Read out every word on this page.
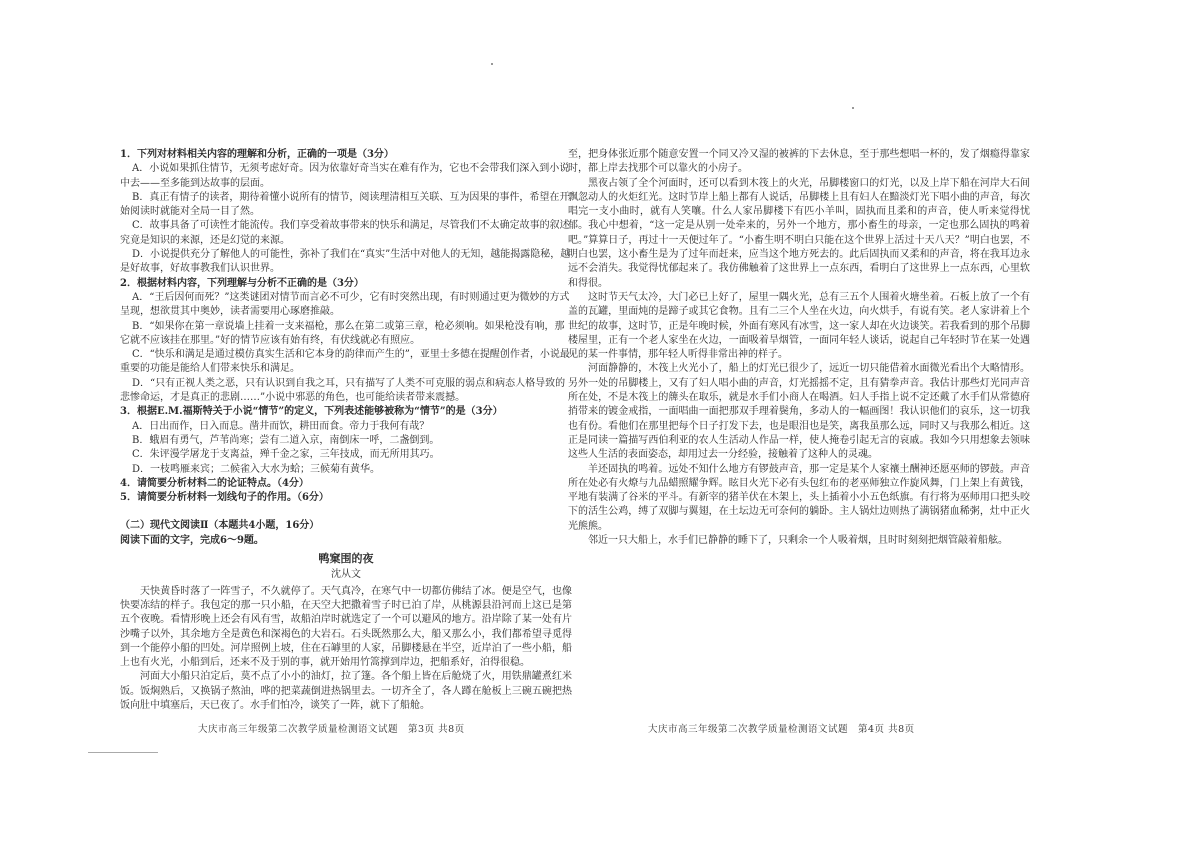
1．下列对材料相关内容的理解和分析，正确的一项是（3分）

A．小说如果抓住情节，无须考虑好奇。因为依靠好奇当实在难有作为，它也不会带我们深入到小说中去——至多能到达故事的层面。

B．真正有情子的读者，期待着懂小说所有的情节，阅读理清相互关联、互为因果的事件，希望在开始阅读时就能对全局一目了然。

C．故事具备了可读性才能流传。我们享受着故事带来的快乐和满足，尽管我们不太确定故事的叙述究竟是知识的来源，还是幻觉的来源。

D．小说提供充分了解他人的可能性，弥补了我们在“真实”生活中对他人的无知，越能揭露隐秘，越是好故事，好故事教我们认识世界。

2．根据材料内容，下列理解与分析不正确的是（3分）

A．“王后因何而死？”这类谜团对情节而言必不可少，它有时突然出现，有时则通过更为微妙的方式呈现，想欲贯其中奥妙，读者需要用心琢磨推敲。

B．“如果你在第一章说墙上挂着一支来福枪，那么在第二或第三章，枪必须响。如果枪没有响，那它就不应该挂在那里。”好的情节应该有始有终，有伏线就必有照应。

C．“快乐和满足是通过模仿真实生活和它本身的韵律而产生的”，亚里士多德在提醒创作者，小说最重要的功能是能给人们带来快乐和满足。

D．“只有正视人类之恶，只有认识到自我之耳，只有描写了人类不可克服的弱点和病态人格导致的悲惨命运，才是真正的悲剧……”小说中邪恶的角色，也可能给读者带来震撼。

3．根据E.M.福斯特关于小说“情节”的定义，下列表述能够被称为“情节”的是（3分）

A．日出而作，日入而息。凿井而饮，耕田而食。帝力于我何有哉？

B．蛾眉有勇气，芦苇尚寒；尝有二道入京，南倒床一呼，二盏倒到。

C．朱评漫学屠龙于支离益，殚千金之家，三年技成，而无所用其巧。

D．一枝鸣雁来宾；二候雀入大水为蛤；三候菊有黄华。

4．请简要分析材料二的论证特点。（4分）

5．请简要分析材料一划线句子的作用。（6分）

（二）现代文阅读Ⅱ（本题共4小题，16分）

阅读下面的文字，完成6～9题。

鸭窠围的夜

沈从文

天快黄昏时落了一阵雪子，不久就停了。天气真冷，在寒气中一切都仿佛结了冰。便是空气，也像快要冻结的样子。我包定的那一只小船，在天空大把撒着雪子时已泊了岸，从桃源县沿河而上这已是第五个夜晚。看情形晚上还会有风有雪，故船泊岸时就选定了一个可以避风的地方。沿岸除了某一处有片沙嘴子以外，其余地方全是黄色和深褐色的大岩石。石头既然那么大，船又那么小，我们都希望寻觅得到一个能停小船的凹处。河岸照例上坡，住在石罅里的人家，吊脚楼悬在半空，近岸泊了一些小船，船上也有火光，小船到后，还来不及于别的事，就开始用竹篙撑到岸边，把船系好，泊得很稳。

河面大小船只泊定后，莫不点了小小的油灯，拉了篷。各个船上皆在后舱烧了火，用铁鼎罐煮红米饭。饭焖熟后，又换锅子熬油，哗的把菜蔬倒进热锅里去。一切齐全了，各人蹲在舱板上三碗五碗把热饭向肚中填塞后，天已夜了。水手们怕冷，谈笑了一阵，就下了船舱。

至，把身体张近那个随意安置一个同又冷又湿的被裤的下去休息，至于那些想唱一杯的，发了烟瘾得靠家时，都上岸去找那个可以靠火的小房子。

黑夜占领了全个河面时，还可以看到木筏上的火光，吊脚楼窗口的灯光，以及上岸下船在河岸大石间飘忽动人的火炬红光。这时节岸上船上都有人说话，吊脚楼上且有妇人在黯淡灯光下唱小曲的声音，每次唱完一支小曲时，就有人笑嚷。什么人家吊脚楼下有匹小羊叫，固执而且柔和的声音，使人听来觉得忧郁。我心中想着，“这一定是从别一处牵来的，另外一个地方，那小畜生的母亲，一定也那么固执的鸣着吧。”算算日子，再过十一天便过年了。“小畜生明不明白只能在这个世界上活过十天八天？”明白也罢，不明白也罢，这小畜生是为了过年而赶来，应当这个地方死去的。此后固执而又柔和的声音，将在我耳边永远不会消失。我觉得忧郁起来了。我仿佛触着了这世界上一点东西，看明白了这世界上一点东西，心里软和得很。

这时节天气太冷，大门必已上好了，屋里一隅火光，总有三五个人围着火塘坐着。石板上放了一个有盖的瓦罐，里面炖的是蹄子或其它食物。且有二三个人坐在火边，向火烘手，有说有笑。老人家讲着上个世纪的故事，这时节，正是年晚时候，外面有寒风有冰雪，这一家人却在火边谈笑。若我看到的那个吊脚楼屋里，正有一个老人家坐在火边，一面吸着旱烟管，一面同年轻人谈话，说起自己年轻时节在某一处遇见的某一件事情，那年轻人听得非常出神的样子。

河面静静的，木筏上火光小了，船上的灯光已很少了，远近一切只能借着水面微光看出个大略情形。另外一处的吊脚楼上，又有了妇人唱小曲的声音，灯光摇摇不定，且有猜拳声音。我估计那些灯光同声音所在处，不是木筏上的簰头在取乐，就是水手们小商人在喝酒。妇人手指上说不定还戴了水手们从常德府捎带来的镀金戒指，一面唱曲一面把那双手理着鬓角，多动人的一幅画图！我认识他们的哀乐，这一切我也有份。看他们在那里把每个日子打发下去，也是眼泪也是笑，离我虽那么远，同时又与我那么相近。这正是同读一篇描写西伯利亚的农人生活动人作品一样，使人掩卷引起无言的哀戚。我如今只用想象去领味这些人生活的表面姿态，却用过去一分经验，接触着了这种人的灵魂。

羊还固执的鸣着。远处不知什么地方有锣鼓声音，那一定是某个人家禳土酬神还愿巫师的锣鼓。声音所在处必有火燎与九品蜡照耀争辉。眩目火光下必有头包红布的老巫师独立作旋风舞，门上架上有黄钱，平地有装满了谷米的平斗。有新宰的猪羊伏在木架上，头上插着小小五色纸旗。有行将为巫师用口把头咬下的活生公鸡，缚了双脚与翼翅，在土坛边无可奈何的躺卧。主人锅灶边则热了满锅猪血稀粥，灶中正火光熊熊。

邻近一只大船上，水手们已静静的睡下了，只剩余一个人吸着烟，且时时刻刻把烟管敲着船舷。

大庆市高三年级第二次教学质量检测语文试题　第3页 共8页	大庆市高三年级第二次教学质量检测语文试题　第4页 共8页
